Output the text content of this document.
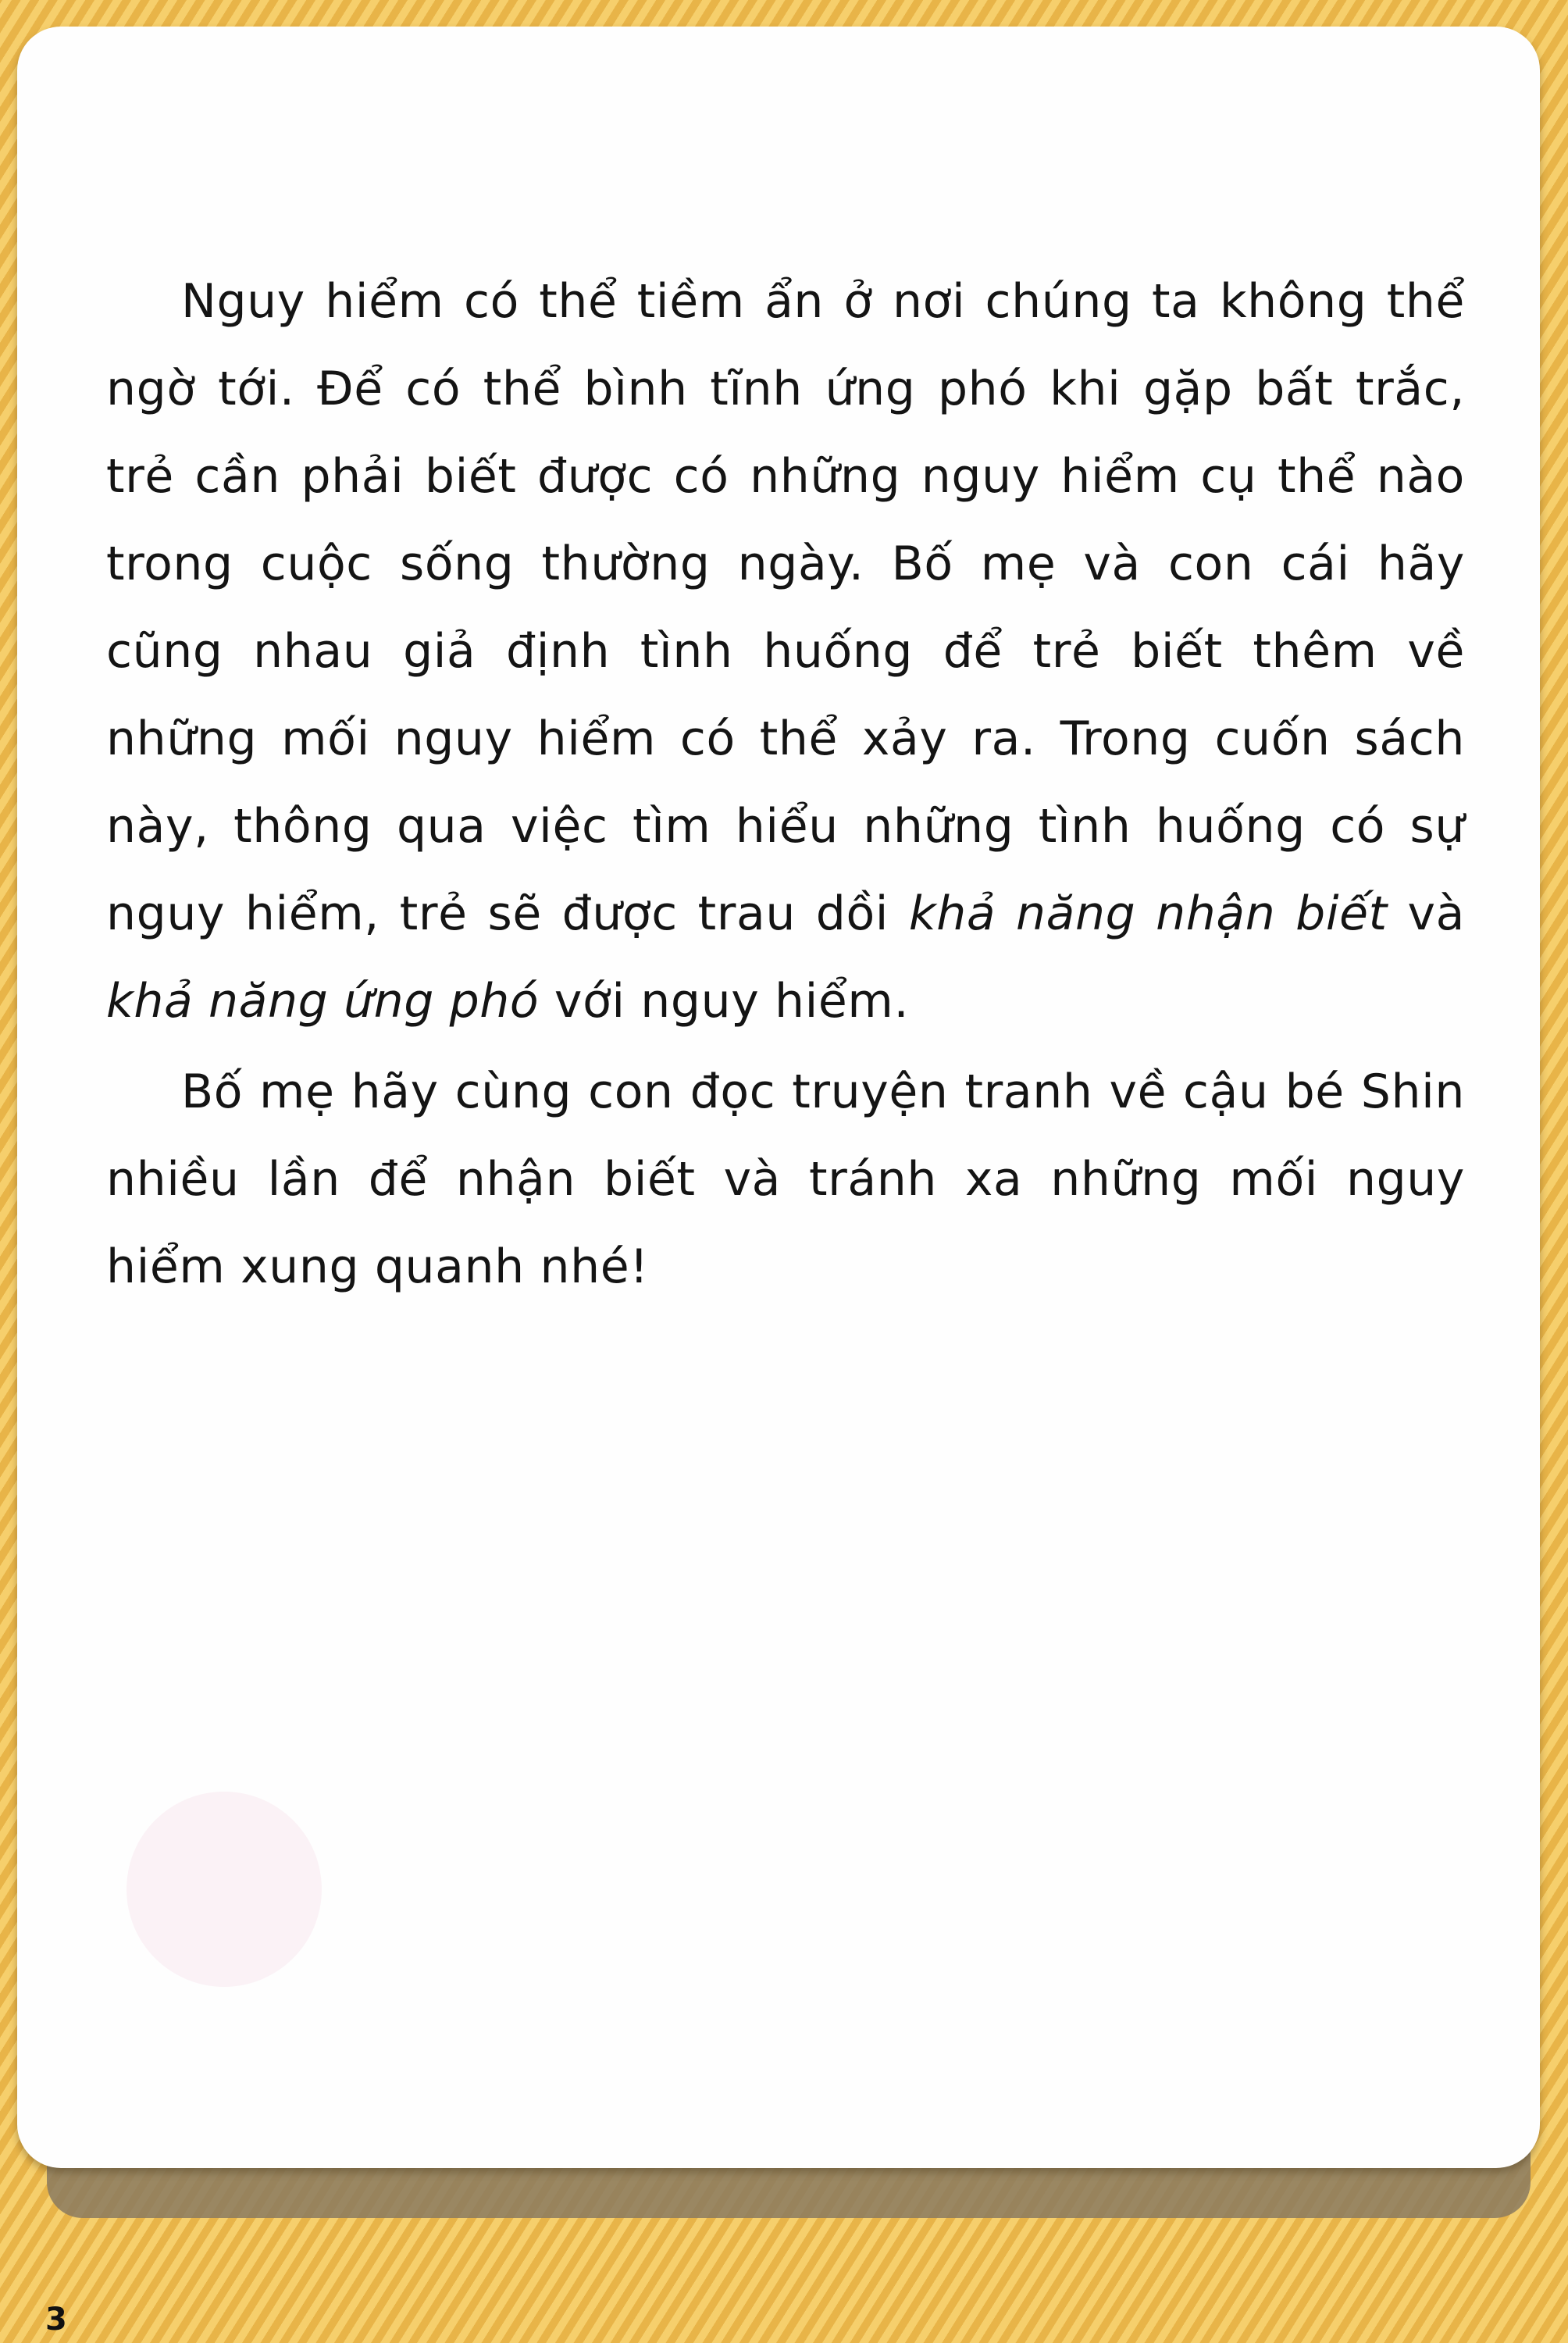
Nguy hiểm có thể tiềm ẩn ở nơi chúng ta không thể ngờ tới. Để có thể bình tĩnh ứng phó khi gặp bất trắc, trẻ cần phải biết được có những nguy hiểm cụ thể nào trong cuộc sống thường ngày. Bố mẹ và con cái hãy cũng nhau giả định tình huống để trẻ biết thêm về những mối nguy hiểm có thể xảy ra. Trong cuốn sách này, thông qua việc tìm hiểu những tình huống có sự nguy hiểm, trẻ sẽ được trau dồi khả năng nhận biết và khả năng ứng phó với nguy hiểm.

Bố mẹ hãy cùng con đọc truyện tranh về cậu bé Shin nhiều lần để nhận biết và tránh xa những mối nguy hiểm xung quanh nhé!

3
